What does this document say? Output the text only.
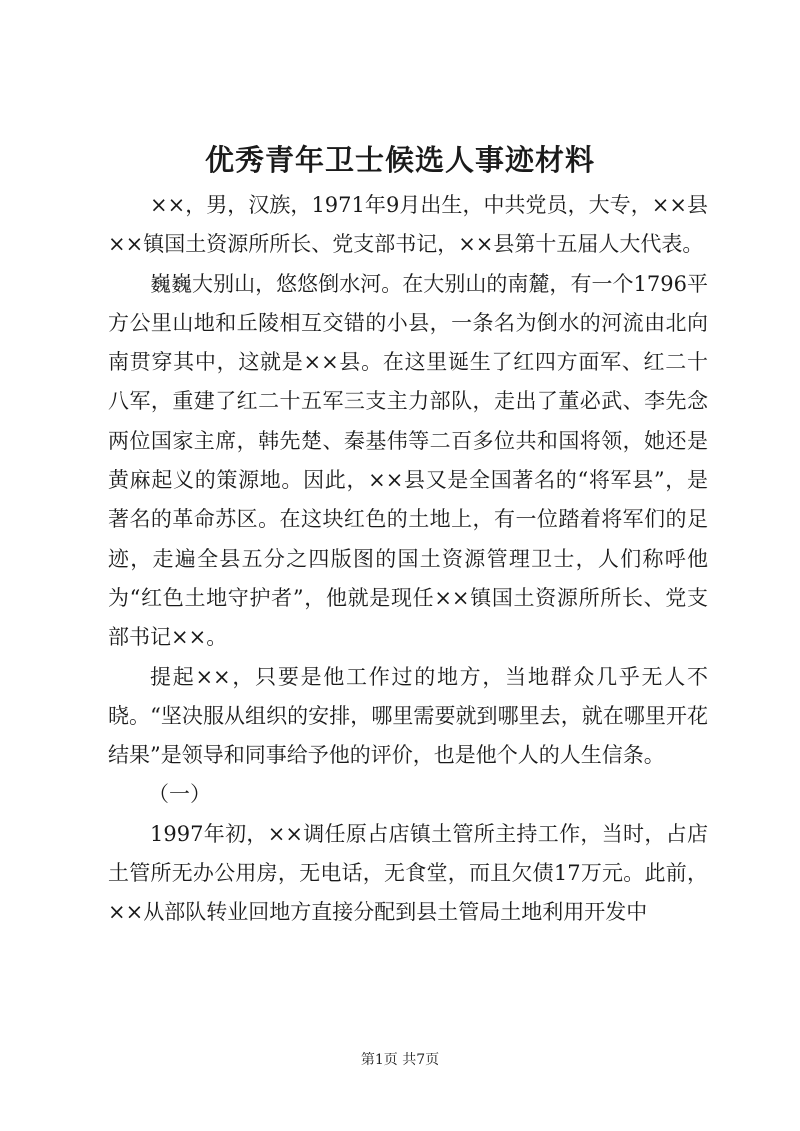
优秀青年卫士候选人事迹材料

××，男，汉族，1971年9月出生，中共党员，大专，××县××镇国土资源所所长、党支部书记，××县第十五届人大代表。

巍巍大别山，悠悠倒水河。在大别山的南麓，有一个1796平方公里山地和丘陵相互交错的小县，一条名为倒水的河流由北向南贯穿其中，这就是××县。在这里诞生了红四方面军、红二十八军，重建了红二十五军三支主力部队，走出了董必武、李先念两位国家主席，韩先楚、秦基伟等二百多位共和国将领，她还是黄麻起义的策源地。因此，××县又是全国著名的“将军县”，是著名的革命苏区。在这块红色的土地上，有一位踏着将军们的足迹，走遍全县五分之四版图的国土资源管理卫士，人们称呼他为“红色土地守护者”，他就是现任××镇国土资源所所长、党支部书记××。

提起××，只要是他工作过的地方，当地群众几乎无人不晓。“坚决服从组织的安排，哪里需要就到哪里去，就在哪里开花结果”是领导和同事给予他的评价，也是他个人的人生信条。

（一）

1997年初，××调任原占店镇土管所主持工作，当时，占店土管所无办公用房，无电话，无食堂，而且欠债17万元。此前，××从部队转业回地方直接分配到县土管局土地利用开发中

第1页 共7页
